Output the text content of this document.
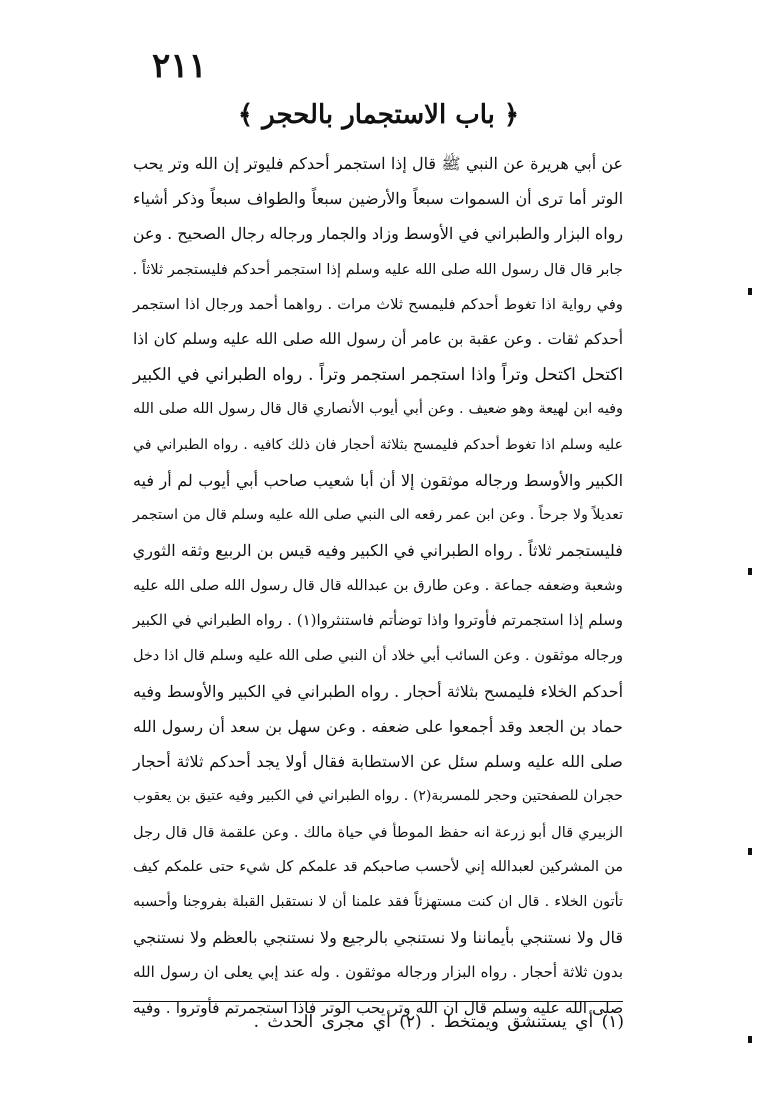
٢١١
﴿ باب الاستجمار بالحجر ﴾
عن أبي هريرة عن النبي ﷺ قال إذا استجمر أحدكم فليوتر إن الله وتر يحب
الوتر أما ترى أن السموات سبعاً والأرضين سبعاً والطواف سبعاً وذكر أشياء
رواه البزار والطبراني في الأوسط وزاد والجمار ورجاله رجال الصحيح . وعن
جابر قال قال رسول الله صلى الله عليه وسلم إذا استجمر أحدكم فليستجمر ثلاثاً .
وفي رواية اذا تغوط أحدكم فليمسح ثلاث مرات . رواهما أحمد ورجال اذا استجمر
أحدكم ثقات . وعن عقبة بن عامر أن رسول الله صلى الله عليه وسلم كان اذا
اكتحل اكتحل وتراً واذا استجمر استجمر وتراً . رواه الطبراني في الكبير
وفيه ابن لهيعة وهو ضعيف . وعن أبي أيوب الأنصاري قال قال رسول الله صلى الله
عليه وسلم اذا تغوط أحدكم فليمسح بثلاثة أحجار فان ذلك كافيه . رواه الطبراني في
الكبير والأوسط ورجاله موثقون إلا أن أبا شعيب صاحب أبي أيوب لم أر فيه
تعديلاً ولا جرحاً . وعن ابن عمر رفعه الى النبي صلى الله عليه وسلم قال من استجمر
فليستجمر ثلاثاً . رواه الطبراني في الكبير وفيه قيس بن الربيع وثقه الثوري
وشعبة وضعفه جماعة . وعن طارق بن عبدالله قال قال رسول الله صلى الله عليه
وسلم إذا استجمرتم فأوتروا واذا توضأتم فاستنثروا(١) . رواه الطبراني في الكبير
ورجاله موثقون . وعن السائب أبي خلاد أن النبي صلى الله عليه وسلم قال اذا دخل
أحدكم الخلاء فليمسح بثلاثة أحجار . رواه الطبراني في الكبير والأوسط وفيه
حماد بن الجعد وقد أجمعوا على ضعفه . وعن سهل بن سعد أن رسول الله
صلى الله عليه وسلم سئل عن الاستطابة فقال أولا يجد أحدكم ثلاثة أحجار
حجران للصفحتين وحجر للمسربة(٢) . رواه الطبراني في الكبير وفيه عتيق بن يعقوب
الزبيري قال أبو زرعة انه حفظ الموطأ في حياة مالك . وعن علقمة قال قال رجل
من المشركين لعبدالله إني لأحسب صاحبكم قد علمكم كل شيء حتى علمكم كيف
تأتون الخلاء . قال ان كنت مستهزئاً فقد علمنا أن لا نستقبل القبلة بفروجنا وأحسبه
قال ولا نستنجي بأيماننا ولا نستنجي بالرجيع ولا نستنجي بالعظم ولا نستنجي
بدون ثلاثة أحجار . رواه البزار ورجاله موثقون . وله عند إبي يعلى ان رسول الله
صلى الله عليه وسلم قال ان الله وتر يحب الوتر فاذا استجمرتم فأوتروا . وفيه
(١) أي يستنشق ويمتخط . (٢) أي مجرى الحدث .
